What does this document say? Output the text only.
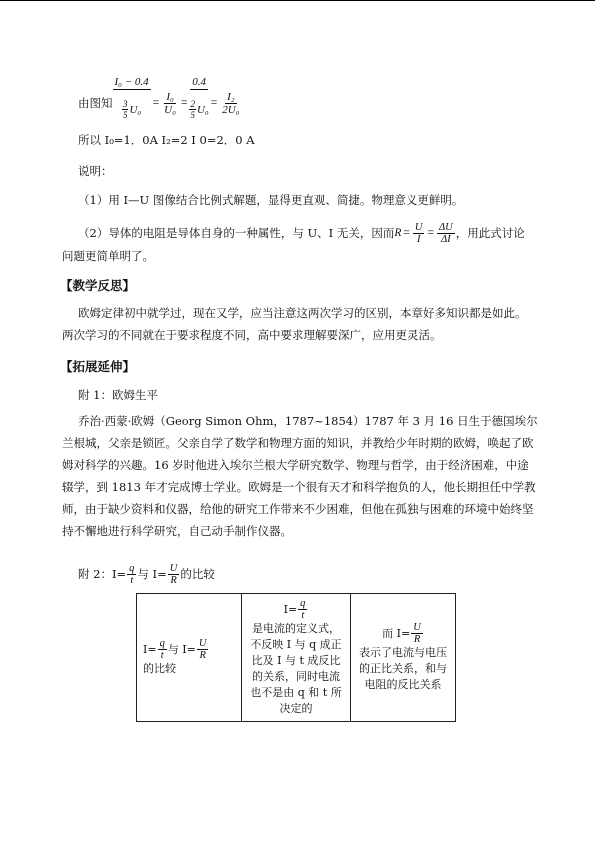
由图知 I₀ − 0.4
3
5 $U_0 = \frac{\text{I₀}}{\text{U₀}} = 0.4$
2
5 $U_0 = \frac{\text{I₂}}{\text{2U₀}}$
所以 I₀=1．0A I₂=2 I 0=2．0 A
说明：
（1）用 I—U 图像结合比例式解题，显得更直观、简捷。物理意义更鲜明。
（2）导体的电阻是导体自身的一种属性，与 U、I 无关，因而 $R = \frac{U}{I} = \frac{\Delta U}{\Delta I}$ ，用此式讨论
问题更简单明了。
【教学反思】
欧姆定律初中就学过，现在又学，应当注意这两次学习的区别，本章好多知识都是如此。两次学习的不同就在于要求程度不同，高中要求理解要深广，应用更灵活。
【拓展延伸】
附 1：欧姆生平
乔治·西蒙·欧姆（Georg Simon Ohm，1787~1854）1787 年 3 月 16 日生于德国埃尔兰根城，父亲是锁匠。父亲自学了数学和物理方面的知识，并教给少年时期的欧姆，唤起了欧姆对科学的兴趣。16 岁时他进入埃尔兰根大学研究数学、物理与哲学，由于经济困难，中途辍学，到 1813 年才完成博士学业。欧姆是一个很有天才和科学抱负的人，他长期担任中学教师，由于缺少资料和仪器，给他的研究工作带来不少困难，但他在孤独与困难的环境中始终坚持不懈地进行科学研究，自己动手制作仪器。
附 2：$I= \frac{q}{t}$ 与 $I= \frac{U}{R}$ 的比较
$I= \frac{q}{t}$ 与 $I= \frac{U}{R}$
的比较

$I= \frac{q}{t}$
是电流的定义式，不反映 I 与 q 成正比及 I 与 t 成反比的关系，同时电流也不是由 q 和 t 所决定的

而 $I= \frac{U}{R}$
表示了电流与电压的正比关系，和与电阻的反比关系
